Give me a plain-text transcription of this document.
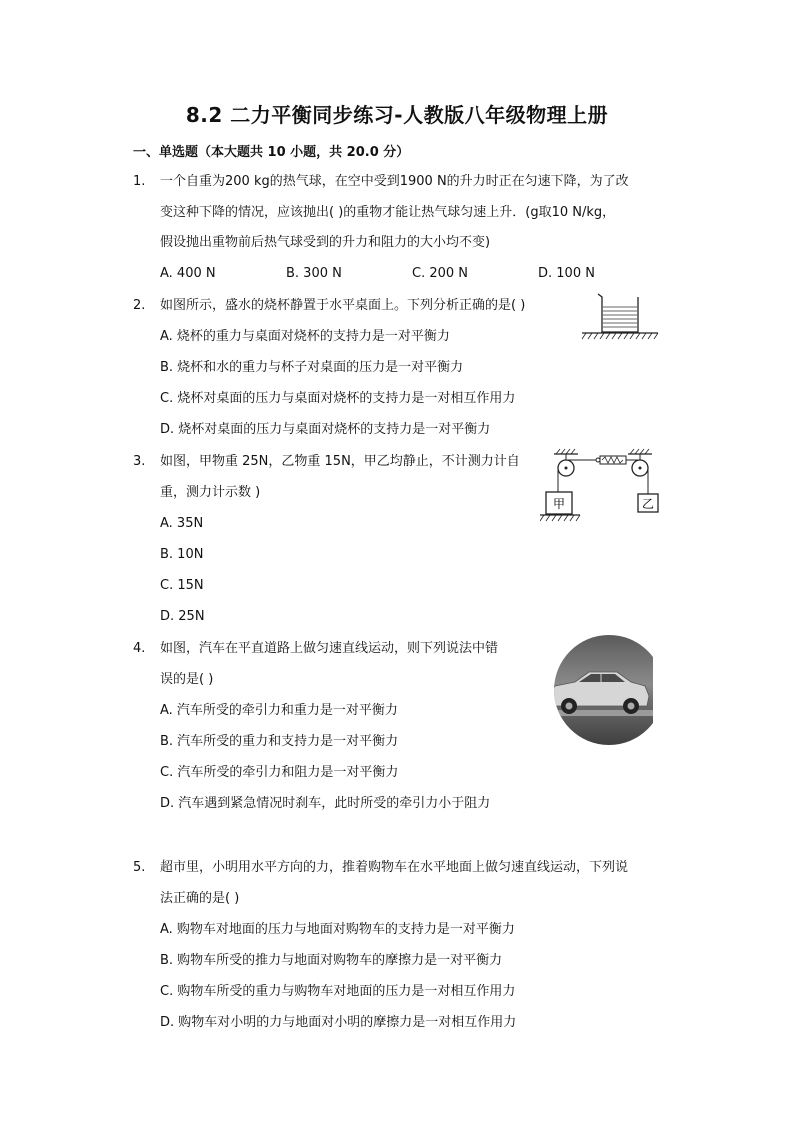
8.2 二力平衡同步练习-人教版八年级物理上册
一、单选题（本大题共 10 小题，共 20.0 分）
1. 一个自重为200 kg的热气球，在空中受到1900 N的升力时正在匀速下降，为了改
变这种下降的情况，应该抛出( )的重物才能让热气球匀速上升．(g取10 N/kg，
假设抛出重物前后热气球受到的升力和阻力的大小均不变)
A. 400 N	B. 300 N	C. 200 N	D. 100 N
2. 如图所示，盛水的烧杯静置于水平桌面上。下列分析正确的是( )
A. 烧杯的重力与桌面对烧杯的支持力是一对平衡力
B. 烧杯和水的重力与杯子对桌面的压力是一对平衡力
C. 烧杯对桌面的压力与桌面对烧杯的支持力是一对相互作用力
D. 烧杯对桌面的压力与桌面对烧杯的支持力是一对平衡力
3. 如图，甲物重 25N，乙物重 15N，甲乙均静止，不计测力计自
重，测力计示数 )
A. 35N
B. 10N
C. 15N
D. 25N
甲	乙
4. 如图，汽车在平直道路上做匀速直线运动，则下列说法中错
误的是( )
A. 汽车所受的牵引力和重力是一对平衡力
B. 汽车所受的重力和支持力是一对平衡力
C. 汽车所受的牵引力和阻力是一对平衡力
D. 汽车遇到紧急情况时刹车，此时所受的牵引力小于阻力
5. 超市里，小明用水平方向的力，推着购物车在水平地面上做匀速直线运动，下列说
法正确的是( )
A. 购物车对地面的压力与地面对购物车的支持力是一对平衡力
B. 购物车所受的推力与地面对购物车的摩擦力是一对平衡力
C. 购物车所受的重力与购物车对地面的压力是一对相互作用力
D. 购物车对小明的力与地面对小明的摩擦力是一对相互作用力
